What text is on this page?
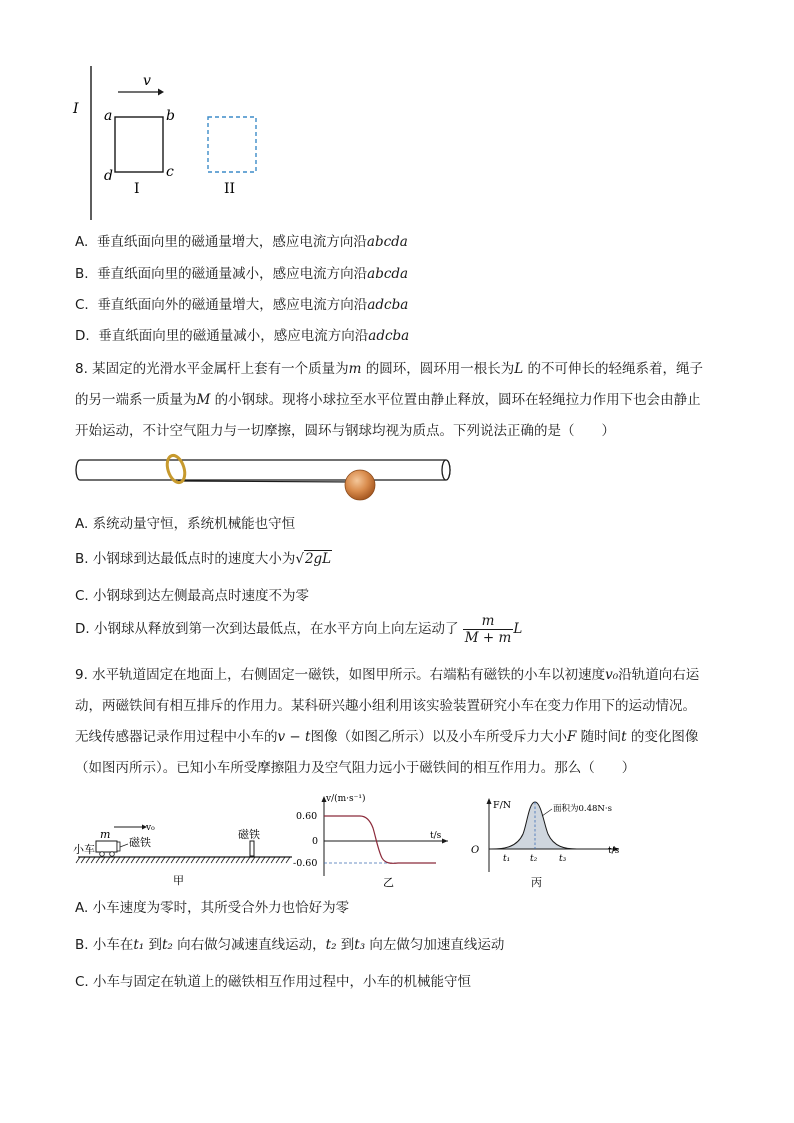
I
v
a	b
c
d
I	II
A. 垂直纸面向里的磁通量增大，感应电流方向沿abcda
B. 垂直纸面向里的磁通量减小，感应电流方向沿abcda
C. 垂直纸面向外的磁通量增大，感应电流方向沿adcba
D. 垂直纸面向里的磁通量减小，感应电流方向沿adcba
8. 某固定的光滑水平金属杆上套有一个质量为m 的圆环，圆环用一根长为L 的不可伸长的轻绳系着，绳子
的另一端系一质量为M 的小钢球。现将小球拉至水平位置由静止释放，圆环在轻绳拉力作用下也会由静止
开始运动，不计空气阻力与一切摩擦，圆环与钢球均视为质点。下列说法正确的是（　　）
A. 系统动量守恒，系统机械能也守恒
B. 小钢球到达最低点时的速度大小为√2gL
C. 小钢球到达左侧最高点时速度不为零
D. 小钢球从释放到第一次到达最低点，在水平方向上向左运动了 $\frac{m}{M + m}$ L
9. 水平轨道固定在地面上，右侧固定一磁铁，如图甲所示。右端粘有磁铁的小车以初速度v₀沿轨道向右运
动，两磁铁间有相互排斥的作用力。某科研兴趣小组利用该实验装置研究小车在变力作用下的运动情况。
无线传感器记录作用过程中小车的v − t图像（如图乙所示）以及小车所受斥力大小F 随时间t 的变化图像
（如图丙所示）。已知小车所受摩擦阻力及空气阻力远小于磁铁间的相互作用力。那么（　　）
m	v₀
小车
磁铁
磁铁
甲
v/(m·s⁻¹)
t/s
0.60
0
-0.60
乙
F/N
t/s
O
面积为0.48N·s
t₁ t₂ t₃
丙
A. 小车速度为零时，其所受合外力也恰好为零
B. 小车在t₁ 到t₂ 向右做匀减速直线运动，t₂ 到t₃ 向左做匀加速直线运动
C. 小车与固定在轨道上的磁铁相互作用过程中，小车的机械能守恒
